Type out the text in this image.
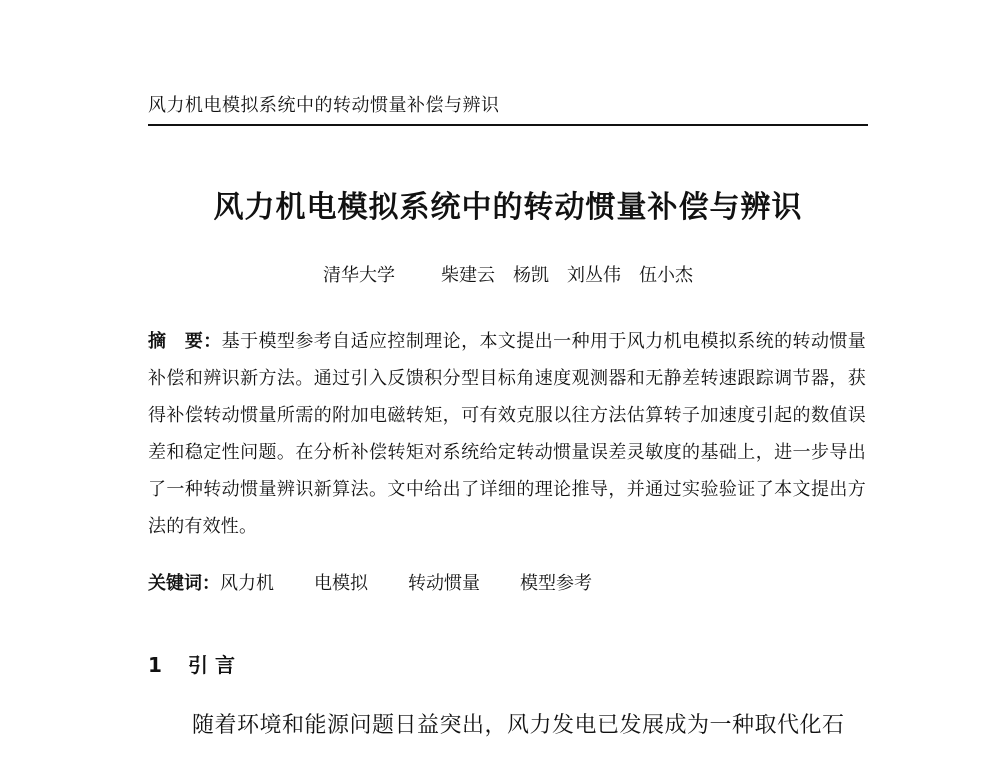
风力机电模拟系统中的转动惯量补偿与辨识
风力机电模拟系统中的转动惯量补偿与辨识
清华大学	柴建云 杨凯 刘丛伟 伍小杰
摘　要：基于模型参考自适应控制理论，本文提出一种用于风力机电模拟系统的转动惯量补偿和辨识新方法。通过引入反馈积分型目标角速度观测器和无静差转速跟踪调节器，获得补偿转动惯量所需的附加电磁转矩，可有效克服以往方法估算转子加速度引起的数值误差和稳定性问题。在分析补偿转矩对系统给定转动惯量误差灵敏度的基础上，进一步导出了一种转动惯量辨识新算法。文中给出了详细的理论推导，并通过实验验证了本文提出方法的有效性。
关键词：风力机 电模拟 转动惯量 模型参考
1 引 言
随着环境和能源问题日益突出，风力发电已发展成为一种取代化石
